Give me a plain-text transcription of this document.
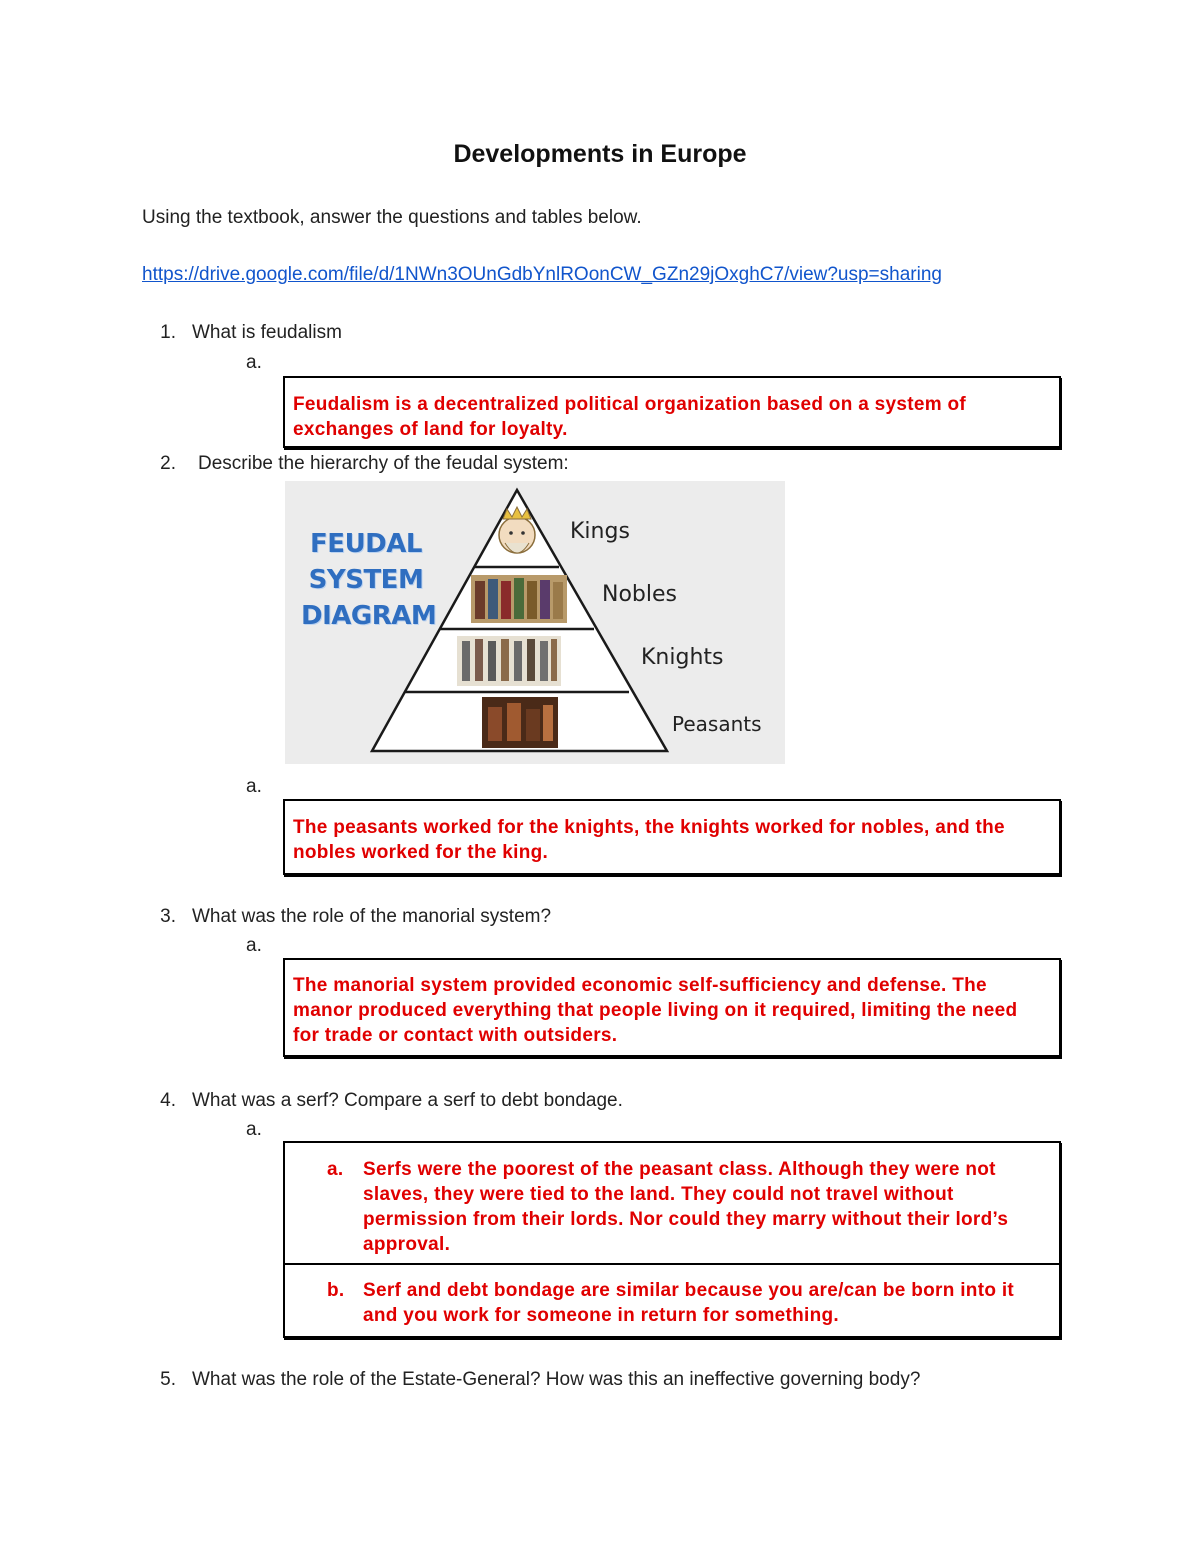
Developments in Europe
Using the textbook, answer the questions and tables below.
https://drive.google.com/file/d/1NWn3OUnGdbYnlROonCW_GZn29jOxghC7/view?usp=sharing
1. What is feudalism
a.
Feudalism is a decentralized political organization based on a system of exchanges of land for loyalty.
2. Describe the hierarchy of the feudal system:
FEUDAL
SYSTEM
DIAGRAM
Kings
Nobles
Knights
Peasants
a.
The peasants worked for the knights, the knights worked for nobles, and the nobles worked for the king.
3. What was the role of the manorial system?
a.
The manorial system provided economic self-sufficiency and defense. The manor produced everything that people living on it required, limiting the need for trade or contact with outsiders.
4. What was a serf? Compare a serf to debt bondage.
a.
a.	Serfs were the poorest of the peasant class. Although they were not slaves, they were tied to the land. They could not travel without permission from their lords. Nor could they marry without their lord’s approval.
b. Serf and debt bondage are similar because you are/can be born into it and you work for someone in return for something.
5. What was the role of the Estate-General? How was this an ineffective governing body?
